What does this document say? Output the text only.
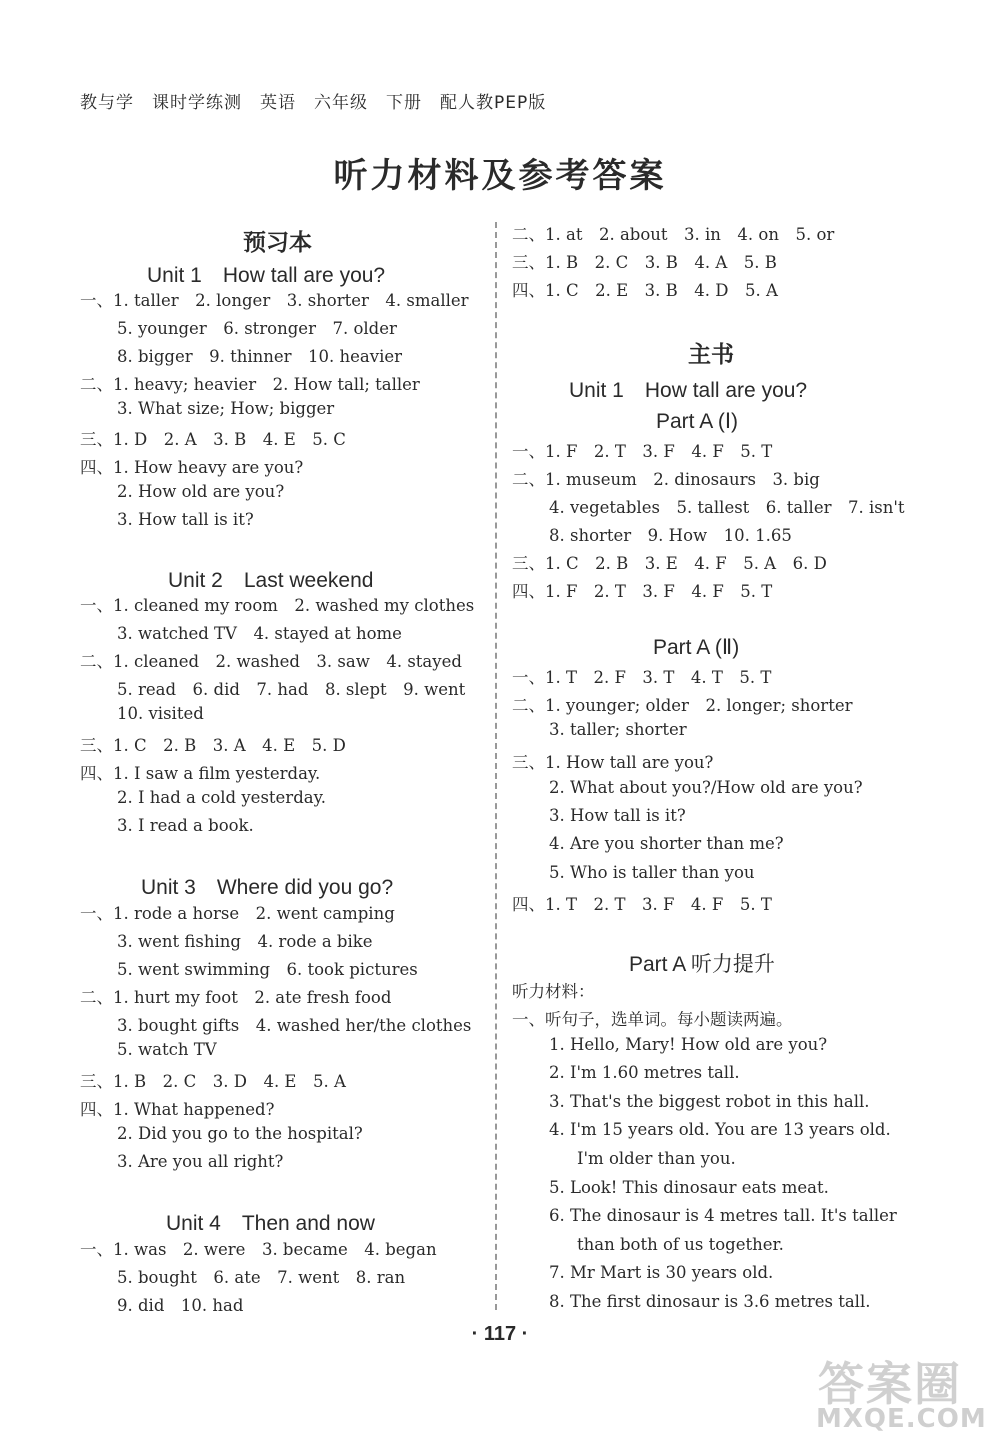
教与学　课时学练测　英语　六年级　下册　配人教PEP版
听力材料及参考答案
预习本
Unit 1　How tall are you?
一、1. taller　2. longer　3. shorter　4. smaller
5. younger　6. stronger　7. older
8. bigger　9. thinner　10. heavier
二、1. heavy; heavier　2. How tall; taller
3. What size; How; bigger
三、1. D　2. A　3. B　4. E　5. C
四、1. How heavy are you?
2. How old are you?
3. How tall is it?
Unit 2　Last weekend
一、1. cleaned my room　2. washed my clothes
3. watched TV　4. stayed at home
二、1. cleaned　2. washed　3. saw　4. stayed
5. read　6. did　7. had　8. slept　9. went
10. visited
三、1. C　2. B　3. A　4. E　5. D
四、1. I saw a film yesterday.
2. I had a cold yesterday.
3. I read a book.
Unit 3　Where did you go?
一、1. rode a horse　2. went camping
3. went fishing　4. rode a bike
5. went swimming　6. took pictures
二、1. hurt my foot　2. ate fresh food
3. bought gifts　4. washed her/the clothes
5. watch TV
三、1. B　2. C　3. D　4. E　5. A
四、1. What happened?
2. Did you go to the hospital?
3. Are you all right?
Unit 4　Then and now
一、1. was　2. were　3. became　4. began
5. bought　6. ate　7. went　8. ran
9. did　10. had
二、1. at　2. about　3. in　4. on　5. or
三、1. B　2. C　3. B　4. A　5. B
四、1. C　2. E　3. B　4. D　5. A
主书
Unit 1　How tall are you?
Part A (Ⅰ)
一、1. F　2. T　3. F　4. F　5. T
二、1. museum　2. dinosaurs　3. big
4. vegetables　5. tallest　6. taller　7. isn't
8. shorter　9. How　10. 1.65
三、1. C　2. B　3. E　4. F　5. A　6. D
四、1. F　2. T　3. F　4. F　5. T
Part A (Ⅱ)
一、1. T　2. F　3. T　4. T　5. T
二、1. younger; older　2. longer; shorter
3. taller; shorter
三、1. How tall are you?
2. What about you?/How old are you?
3. How tall is it?
4. Are you shorter than me?
5. Who is taller than you
四、1. T　2. T　3. F　4. F　5. T
Part A 听力提升
听力材料：
一、听句子，选单词。每小题读两遍。
1. Hello, Mary! How old are you?
2. I'm 1.60 metres tall.
3. That's the biggest robot in this hall.
4. I'm 15 years old. You are 13 years old.
I'm older than you.
5. Look! This dinosaur eats meat.
6. The dinosaur is 4 metres tall. It's taller
than both of us together.
7. Mr Mart is 30 years old.
8. The first dinosaur is 3.6 metres tall.
· 117 ·
答案圈
MXQE.COM
